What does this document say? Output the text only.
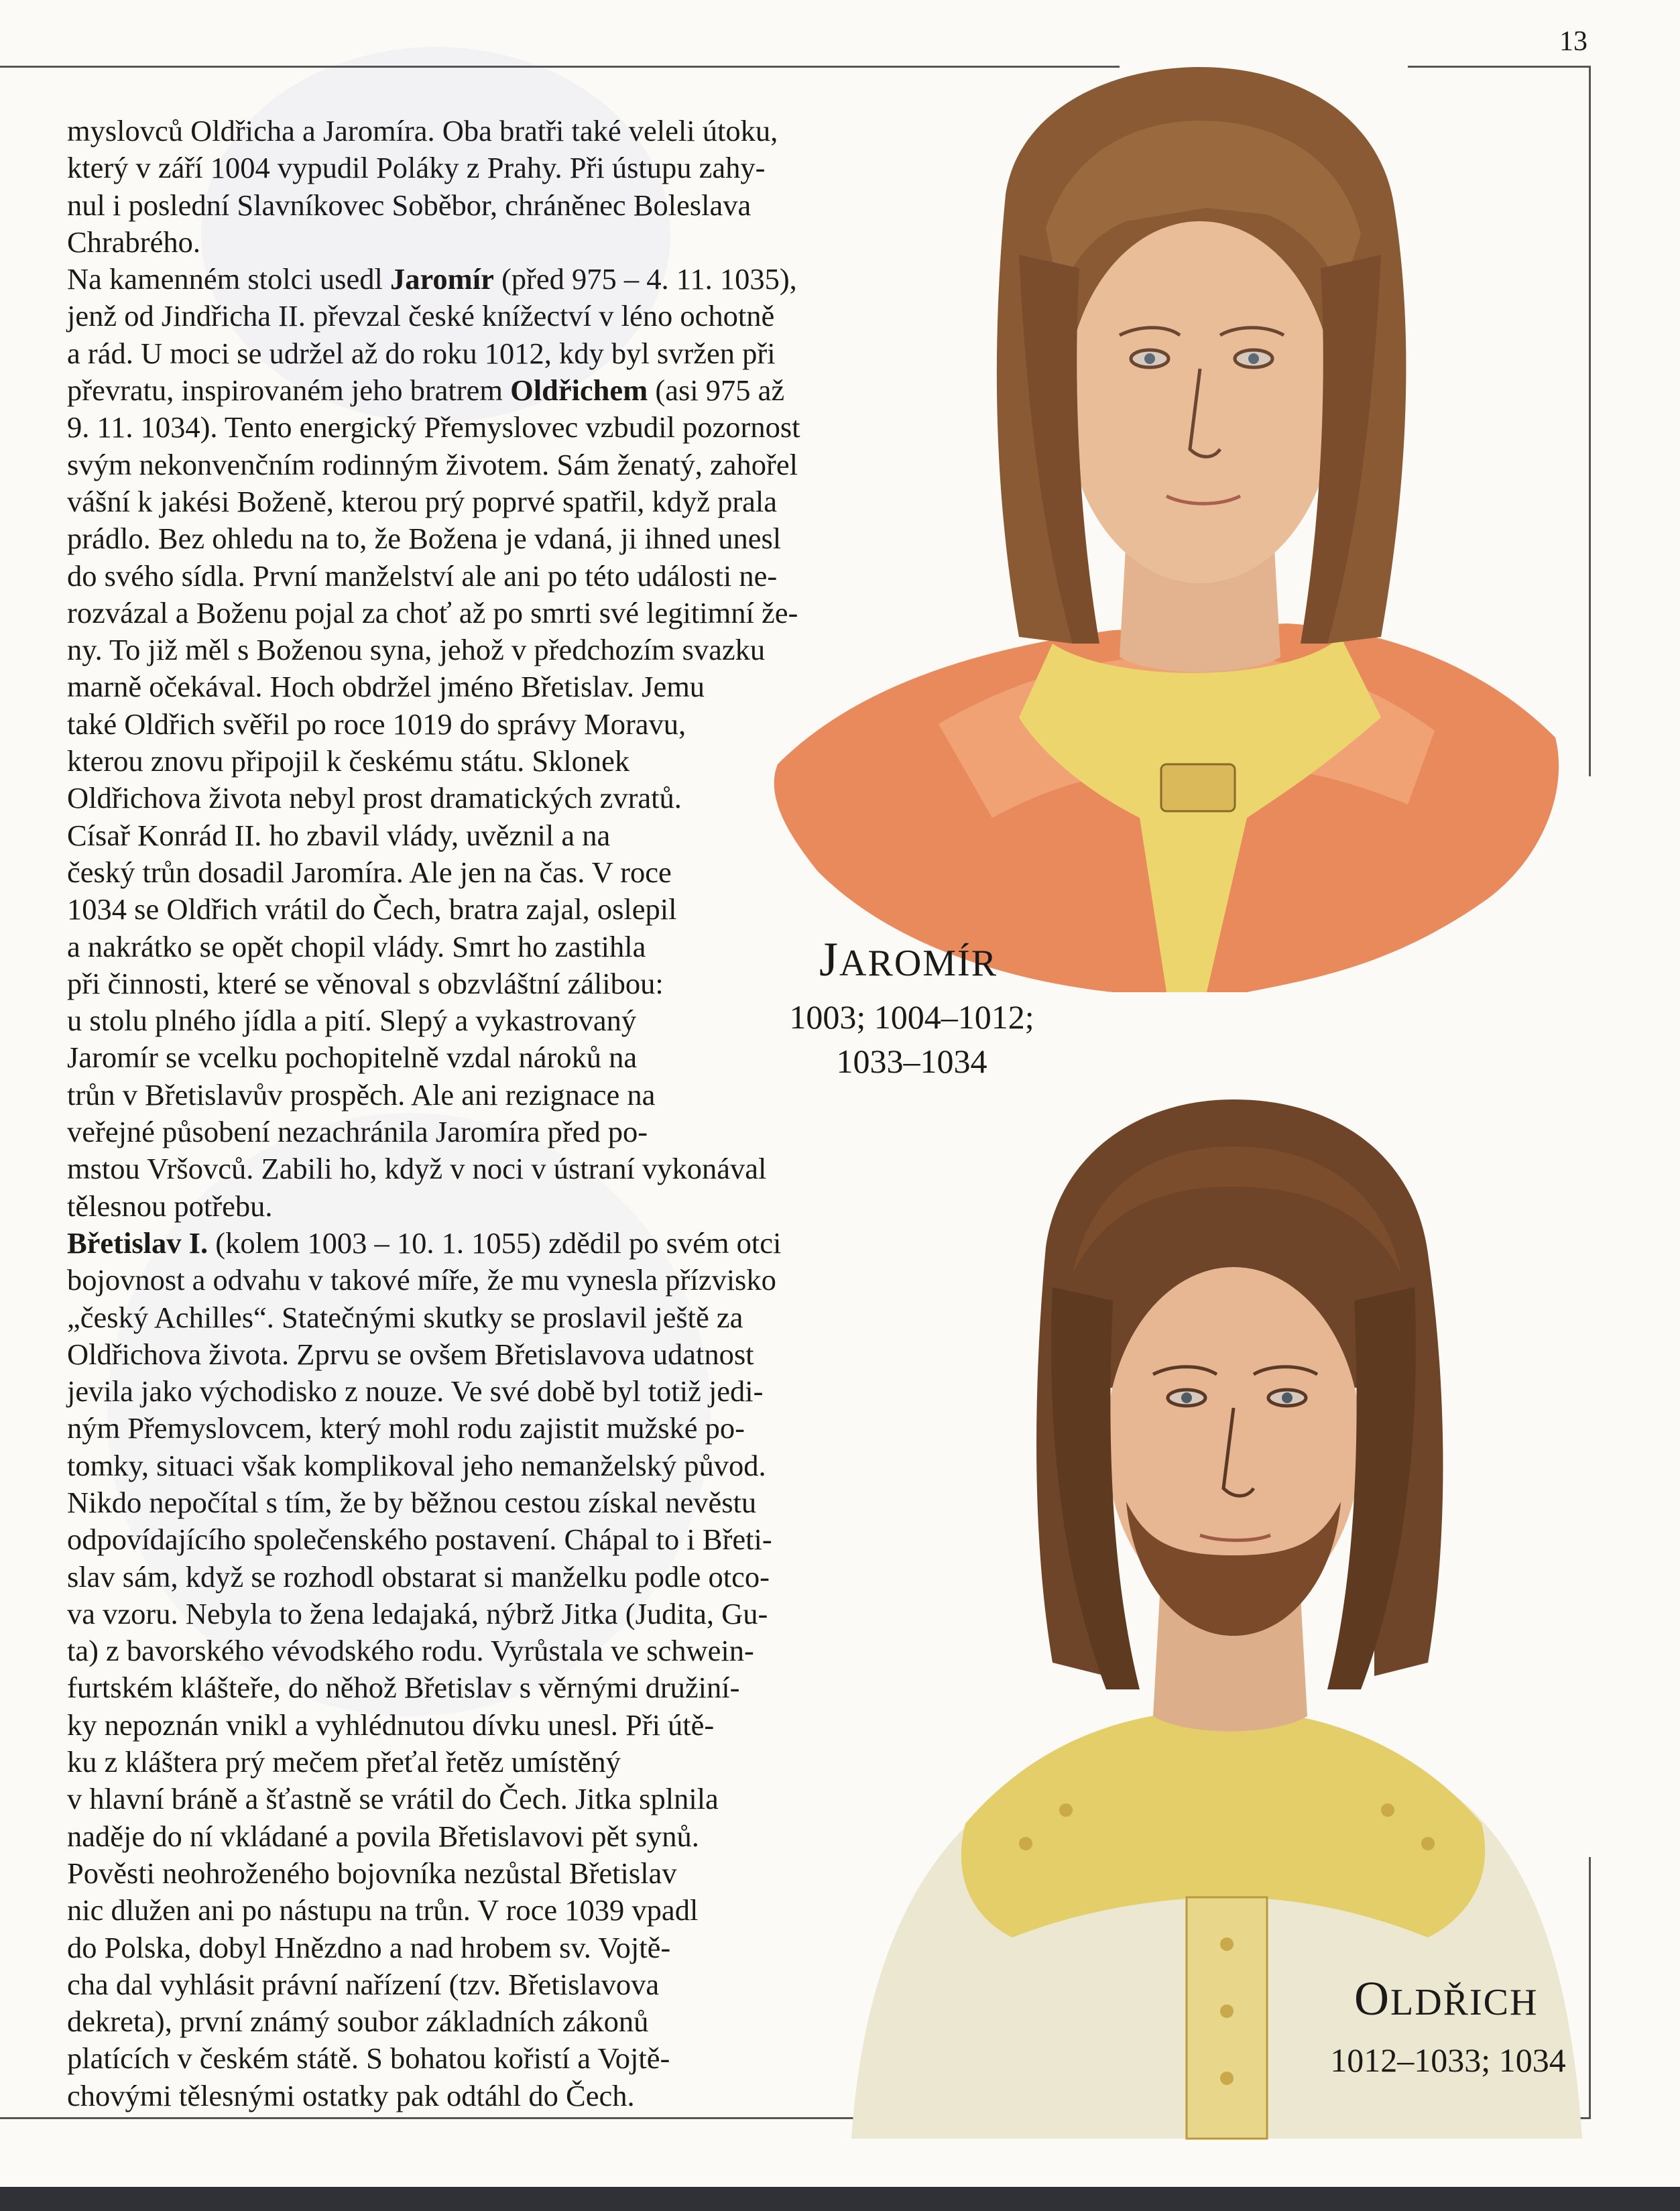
13

myslovců Oldřicha a Jaromíra. Oba bratři také veleli útoku,
který v září 1004 vypudil Poláky z Prahy. Při ústupu zahy-
nul i poslední Slavníkovec Soběbor, chráněnec Boleslava
Chrabrého.
Na kamenném stolci usedl Jaromír (před 975 – 4. 11. 1035),
jenž od Jindřicha II. převzal české knížectví v léno ochotně
a rád. U moci se udržel až do roku 1012, kdy byl svržen při
převratu, inspirovaném jeho bratrem Oldřichem (asi 975 až
9. 11. 1034). Tento energický Přemyslovec vzbudil pozornost
svým nekonvenčním rodinným životem. Sám ženatý, zahořel
vášní k jakési Boženě, kterou prý poprvé spatřil, když prala
prádlo. Bez ohledu na to, že Božena je vdaná, ji ihned unesl
do svého sídla. První manželství ale ani po této události ne-
rozvázal a Boženu pojal za choť až po smrti své legitimní že-
ny. To již měl s Boženou syna, jehož v předchozím svazku
marně očekával. Hoch obdržel jméno Břetislav. Jemu
také Oldřich svěřil po roce 1019 do správy Moravu,
kterou znovu připojil k českému státu. Sklonek
Oldřichova života nebyl prost dramatických zvratů.
Císař Konrád II. ho zbavil vlády, uvěznil a na
český trůn dosadil Jaromíra. Ale jen na čas. V roce
1034 se Oldřich vrátil do Čech, bratra zajal, oslepil
a nakrátko se opět chopil vlády. Smrt ho zastihla
při činnosti, které se věnoval s obzvláštní zálibou:
u stolu plného jídla a pití. Slepý a vykastrovaný
Jaromír se vcelku pochopitelně vzdal nároků na
trůn v Břetislavův prospěch. Ale ani rezignace na
veřejné působení nezachránila Jaromíra před po-
mstou Vršovců. Zabili ho, když v noci v ústraní vykonával
tělesnou potřebu.
Břetislav I. (kolem 1003 – 10. 1. 1055) zdědil po svém otci
bojovnost a odvahu v takové míře, že mu vynesla přízvisko
„český Achilles“. Statečnými skutky se proslavil ještě za
Oldřichova života. Zprvu se ovšem Břetislavova udatnost
jevila jako východisko z nouze. Ve své době byl totiž jedi-
ným Přemyslovcem, který mohl rodu zajistit mužské po-
tomky, situaci však komplikoval jeho nemanželský původ.
Nikdo nepočítal s tím, že by běžnou cestou získal nevěstu
odpovídajícího společenského postavení. Chápal to i Břeti-
slav sám, když se rozhodl obstarat si manželku podle otco-
va vzoru. Nebyla to žena ledajaká, nýbrž Jitka (Judita, Gu-
ta) z bavorského vévodského rodu. Vyrůstala ve schwein-
furtském klášteře, do něhož Břetislav s věrnými družiní-
ky nepoznán vnikl a vyhlédnutou dívku unesl. Při útě-
ku z kláštera prý mečem přeťal řetěz umístěný
v hlavní bráně a šťastně se vrátil do Čech. Jitka splnila
naděje do ní vkládané a povila Břetislavovi pět synů.
Pověsti neohroženého bojovníka nezůstal Břetislav
nic dlužen ani po nástupu na trůn. V roce 1039 vpadl
do Polska, dobyl Hnězdno a nad hrobem sv. Vojtě-
cha dal vyhlásit právní nařízení (tzv. Břetislavova
dekreta), první známý soubor základních zákonů
platících v českém státě. S bohatou kořistí a Vojtě-
chovými tělesnými ostatky pak odtáhl do Čech.

JAROMÍR
1003; 1004–1012;
1033–1034
OLDŘICH
1012–1033; 1034
